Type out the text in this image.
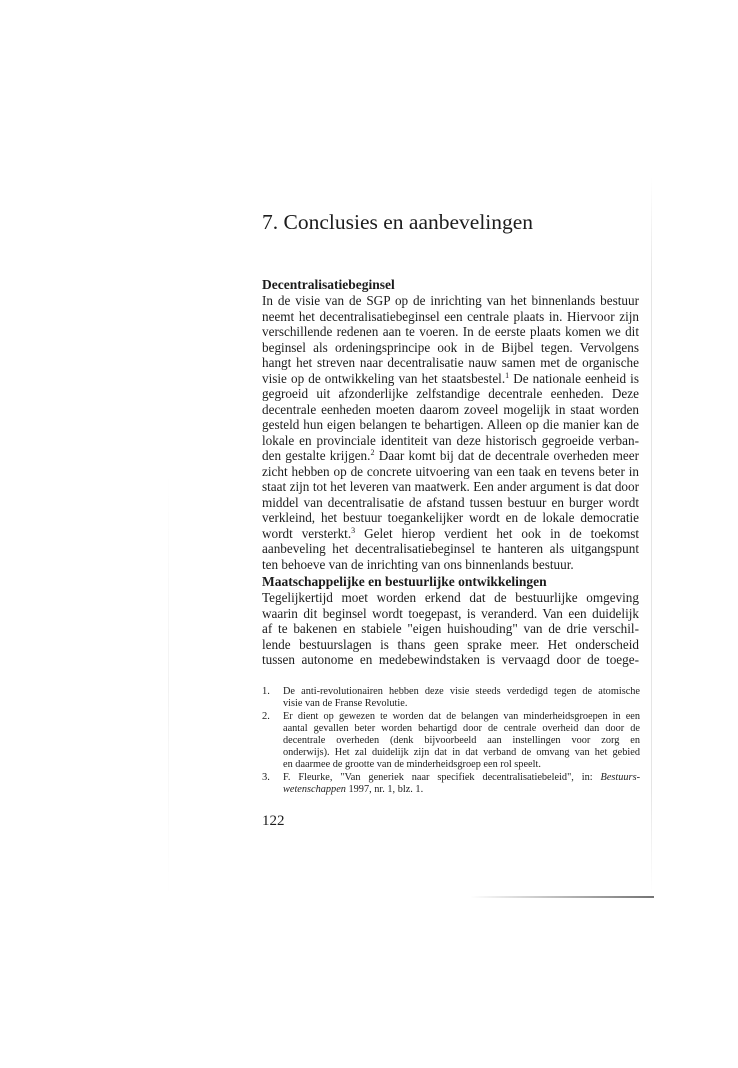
7. Conclusies en aanbevelingen
Decentralisatiebeginsel
In de visie van de SGP op de inrichting van het binnenlands bestuur
neemt het decentralisatiebeginsel een centrale plaats in. Hiervoor zijn
verschillende redenen aan te voeren. In de eerste plaats komen we dit
beginsel als ordeningsprincipe ook in de Bijbel tegen. Vervolgens
hangt het streven naar decentralisatie nauw samen met de organische
visie op de ontwikkeling van het staatsbestel.$^1$ De nationale eenheid is
gegroeid uit afzonderlijke zelfstandige decentrale eenheden. Deze
decentrale eenheden moeten daarom zoveel mogelijk in staat worden
gesteld hun eigen belangen te behartigen. Alleen op die manier kan de
lokale en provinciale identiteit van deze historisch gegroeide verban-
den gestalte krijgen.$^2$ Daar komt bij dat de decentrale overheden meer
zicht hebben op de concrete uitvoering van een taak en tevens beter in
staat zijn tot het leveren van maatwerk. Een ander argument is dat door
middel van decentralisatie de afstand tussen bestuur en burger wordt
verkleind, het bestuur toegankelijker wordt en de lokale democratie
wordt versterkt.$^3$ Gelet hierop verdient het ook in de toekomst
aanbeveling het decentralisatiebeginsel te hanteren als uitgangspunt
ten behoeve van de inrichting van ons binnenlands bestuur.
Maatschappelijke en bestuurlijke ontwikkelingen
Tegelijkertijd moet worden erkend dat de bestuurlijke omgeving
waarin dit beginsel wordt toegepast, is veranderd. Van een duidelijk
af te bakenen en stabiele "eigen huishouding" van de drie verschil-
lende bestuurslagen is thans geen sprake meer. Het onderscheid
tussen autonome en medebewindstaken is vervaagd door de toege-
1. De anti-revolutionairen hebben deze visie steeds verdedigd tegen de atomische
visie van de Franse Revolutie.
2. Er dient op gewezen te worden dat de belangen van minderheidsgroepen in een
aantal gevallen beter worden behartigd door de centrale overheid dan door de
decentrale overheden (denk bijvoorbeeld aan instellingen voor zorg en
onderwijs). Het zal duidelijk zijn dat in dat verband de omvang van het gebied
en daarmee de grootte van de minderheidsgroep een rol speelt.
3. F. Fleurke, "Van generiek naar specifiek decentralisatiebeleid", in: Bestuurs-
wetenschappen 1997, nr. 1, blz. 1.

122
